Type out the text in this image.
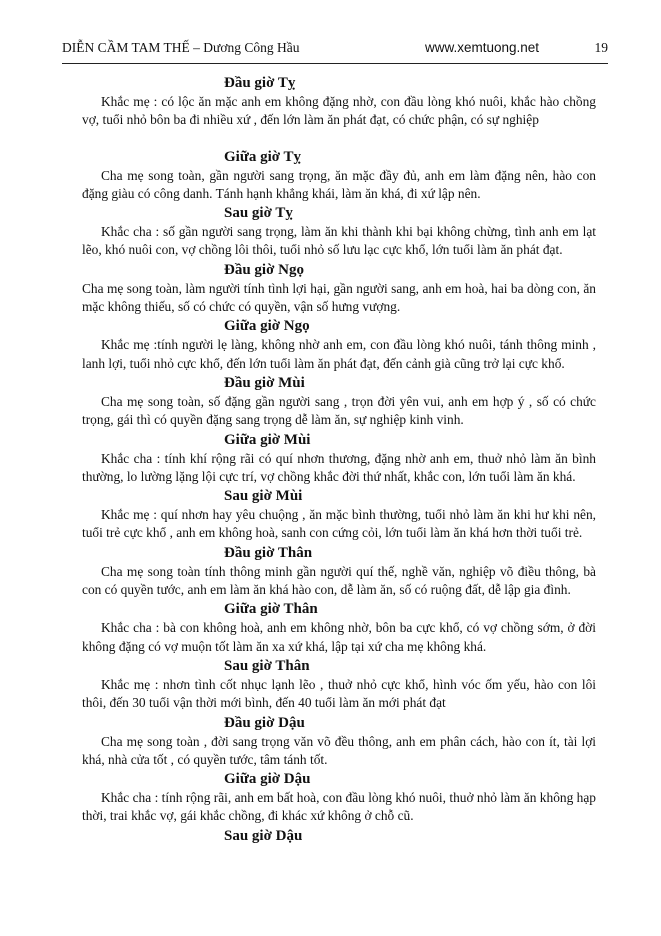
DIỄN CẦM TAM THẾ – Dương Công Hầu	www.xemtuong.net	19

Đầu giờ Tỵ

Khắc mẹ : có lộc ăn mặc anh em không đặng nhờ, con đầu lòng khó nuôi, khắc hào chồng vợ, tuổi nhỏ bôn ba đi nhiều xứ , đến lớn làm ăn phát đạt, có chức phận, có sự nghiệp

Giữa giờ Tỵ

Cha mẹ song toàn, gần người sang trọng, ăn mặc đầy đủ, anh em làm đặng nên, hào con đặng giàu có công danh. Tánh hạnh khẳng khái, làm ăn khá, đi xứ lập nên.

Sau giờ Tỵ

Khắc cha : số gần người sang trọng, làm ăn khi thành khi bại không chừng, tình anh em lạt lẽo, khó nuôi con, vợ chồng lôi thôi, tuổi nhỏ số lưu lạc cực khổ, lớn tuổi làm ăn phát đạt.

Đầu giờ Ngọ

Cha mẹ song toàn, làm người tính tình lợi hại, gần người sang, anh em hoà, hai ba dòng con, ăn mặc không thiếu, số có chức có quyền, vận số hưng vượng.

Giữa giờ Ngọ

Khắc mẹ :tính người lẹ làng, không nhờ anh em, con đầu lòng khó nuôi, tánh thông minh , lanh lợi, tuổi nhỏ cực khổ, đến lớn tuổi làm ăn phát đạt, đến cảnh già cũng trở lại cực khổ.

Đầu giờ Mùi

Cha mẹ song toàn, số đặng gần người sang , trọn đời yên vui, anh em hợp ý , số có chức trọng, gái thì có quyền đặng sang trọng dễ làm ăn, sự nghiệp kinh vinh.

Giữa giờ Mùi

Khắc cha : tính khí rộng rãi có quí nhơn thương, đặng nhờ anh em, thuở nhỏ làm ăn bình thường, lo lường lặng lội cực trí, vợ chồng khắc đời thứ nhất, khắc con, lớn tuổi làm ăn khá.

Sau giờ Mùi

Khắc mẹ : quí nhơn hay yêu chuộng , ăn mặc bình thường, tuổi nhỏ làm ăn khi hư khi nên, tuổi trẻ cực khổ , anh em không hoà, sanh con cứng cỏi, lớn tuổi làm ăn khá hơn thời tuổi trẻ.

Đầu giờ Thân

Cha mẹ song toàn tính thông minh gần người quí thế, nghề văn, nghiệp võ điều thông, bà con có quyền tước, anh em làm ăn khá hào con, dễ làm ăn, số có ruộng đất, dễ lập gia đình.

Giữa giờ Thân

Khắc cha : bà con không hoà, anh em không nhờ, bôn ba cực khổ, có vợ chồng sớm, ở đời không đặng có vợ muộn tốt làm ăn xa xứ khá, lập tại xứ cha mẹ không khá.

Sau giờ Thân

Khắc mẹ : nhơn tình cốt nhục lạnh lẽo , thuở nhỏ cực khổ, hình vóc ốm yếu, hào con lôi thôi, đến 30 tuổi vận thời mới bình, đến 40 tuổi làm ăn mới phát đạt

Đầu giờ Dậu

Cha mẹ song toàn , đời sang trọng văn võ đều thông, anh em phân cách, hào con ít, tài lợi khá, nhà cửa tốt , có quyền tước, tâm tánh tốt.

Giữa giờ Dậu

Khắc cha : tính rộng rãi, anh em bất hoà, con đầu lòng khó nuôi, thuở nhỏ làm ăn không hạp thời, trai khắc vợ, gái khắc chồng, đi khác xứ không ở chỗ cũ.

Sau giờ Dậu
